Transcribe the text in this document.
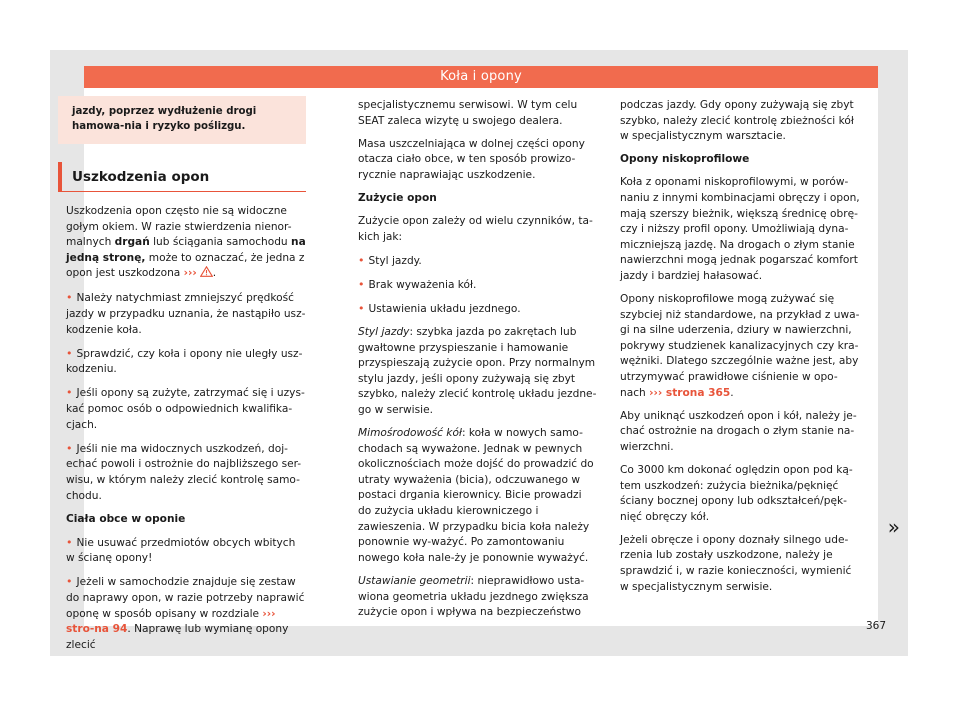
Koła i opony
jazdy, poprzez wydłużenie drogi hamowa-nia i ryzyko poślizgu.
Uszkodzenia opon

Uszkodzenia opon często nie są widoczne gołym okiem. W razie stwierdzenia nienor-malnych drgań lub ściągania samochodu na jedną stronę, może to oznaczać, że jedna z opon jest uszkodzona ››› .

• Należy natychmiast zmniejszyć prędkość jazdy w przypadku uznania, że nastąpiło usz-kodzenie koła.

• Sprawdzić, czy koła i opony nie uległy usz-kodzeniu.

• Jeśli opony są zużyte, zatrzymać się i uzys-kać pomoc osób o odpowiednich kwalifika-cjach.

• Jeśli nie ma widocznych uszkodzeń, doj-echać powoli i ostrożnie do najbliższego ser-wisu, w którym należy zlecić kontrolę samo-chodu.

Ciała obce w oponie

• Nie usuwać przedmiotów obcych wbitych w ścianę opony!

• Jeżeli w samochodzie znajduje się zestaw do naprawy opon, w razie potrzeby naprawić oponę w sposób opisany w rozdziale ››› stro-na 94. Naprawę lub wymianę opony zlecić

specjalistycznemu serwisowi. W tym celu SEAT zaleca wizytę u swojego dealera.

Masa uszczelniająca w dolnej części opony otacza ciało obce, w ten sposób prowizo-rycznie naprawiając uszkodzenie.

Zużycie opon

Zużycie opon zależy od wielu czynników, ta-kich jak:

• Styl jazdy.

• Brak wyważenia kół.

• Ustawienia układu jezdnego.

Styl jazdy: szybka jazda po zakrętach lub gwałtowne przyspieszanie i hamowanie przyspieszają zużycie opon. Przy normalnym stylu jazdy, jeśli opony zużywają się zbyt szybko, należy zlecić kontrolę układu jezdne-go w serwisie.

Mimośrodowość kół: koła w nowych samo-chodach są wyważone. Jednak w pewnych okolicznościach może dojść do prowadzić do utraty wyważenia (bicia), odczuwanego w postaci drgania kierownicy. Bicie prowadzi do zużycia układu kierowniczego i zawieszenia. W przypadku bicia koła należy ponownie wy-ważyć. Po zamontowaniu nowego koła nale-ży je ponownie wyważyć.

Ustawianie geometrii: nieprawidłowo usta-wiona geometria układu jezdnego zwiększa zużycie opon i wpływa na bezpieczeństwo

podczas jazdy. Gdy opony zużywają się zbyt szybko, należy zlecić kontrolę zbieżności kół w specjalistycznym warsztacie.

Opony niskoprofilowe

Koła z oponami niskoprofilowymi, w porów-naniu z innymi kombinacjami obręczy i opon, mają szerszy bieżnik, większą średnicę obrę-czy i niższy profil opony. Umożliwiają dyna-miczniejszą jazdę. Na drogach o złym stanie nawierzchni mogą jednak pogarszać komfort jazdy i bardziej hałasować.

Opony niskoprofilowe mogą zużywać się szybciej niż standardowe, na przykład z uwa-gi na silne uderzenia, dziury w nawierzchni, pokrywy studzienek kanalizacyjnych czy kra-wężniki. Dlatego szczególnie ważne jest, aby utrzymywać prawidłowe ciśnienie w opo-nach ››› strona 365.

Aby uniknąć uszkodzeń opon i kół, należy je-chać ostrożnie na drogach o złym stanie na-wierzchni.

Co 3000 km dokonać oględzin opon pod ką-tem uszkodzeń: zużycia bieżnika/pęknięć ściany bocznej opony lub odkształceń/pęk-nięć obręczy kół.

Jeżeli obręcze i opony doznały silnego ude-rzenia lub zostały uszkodzone, należy je sprawdzić i, w razie konieczności, wymienić w specjalistycznym serwisie.

»
367
